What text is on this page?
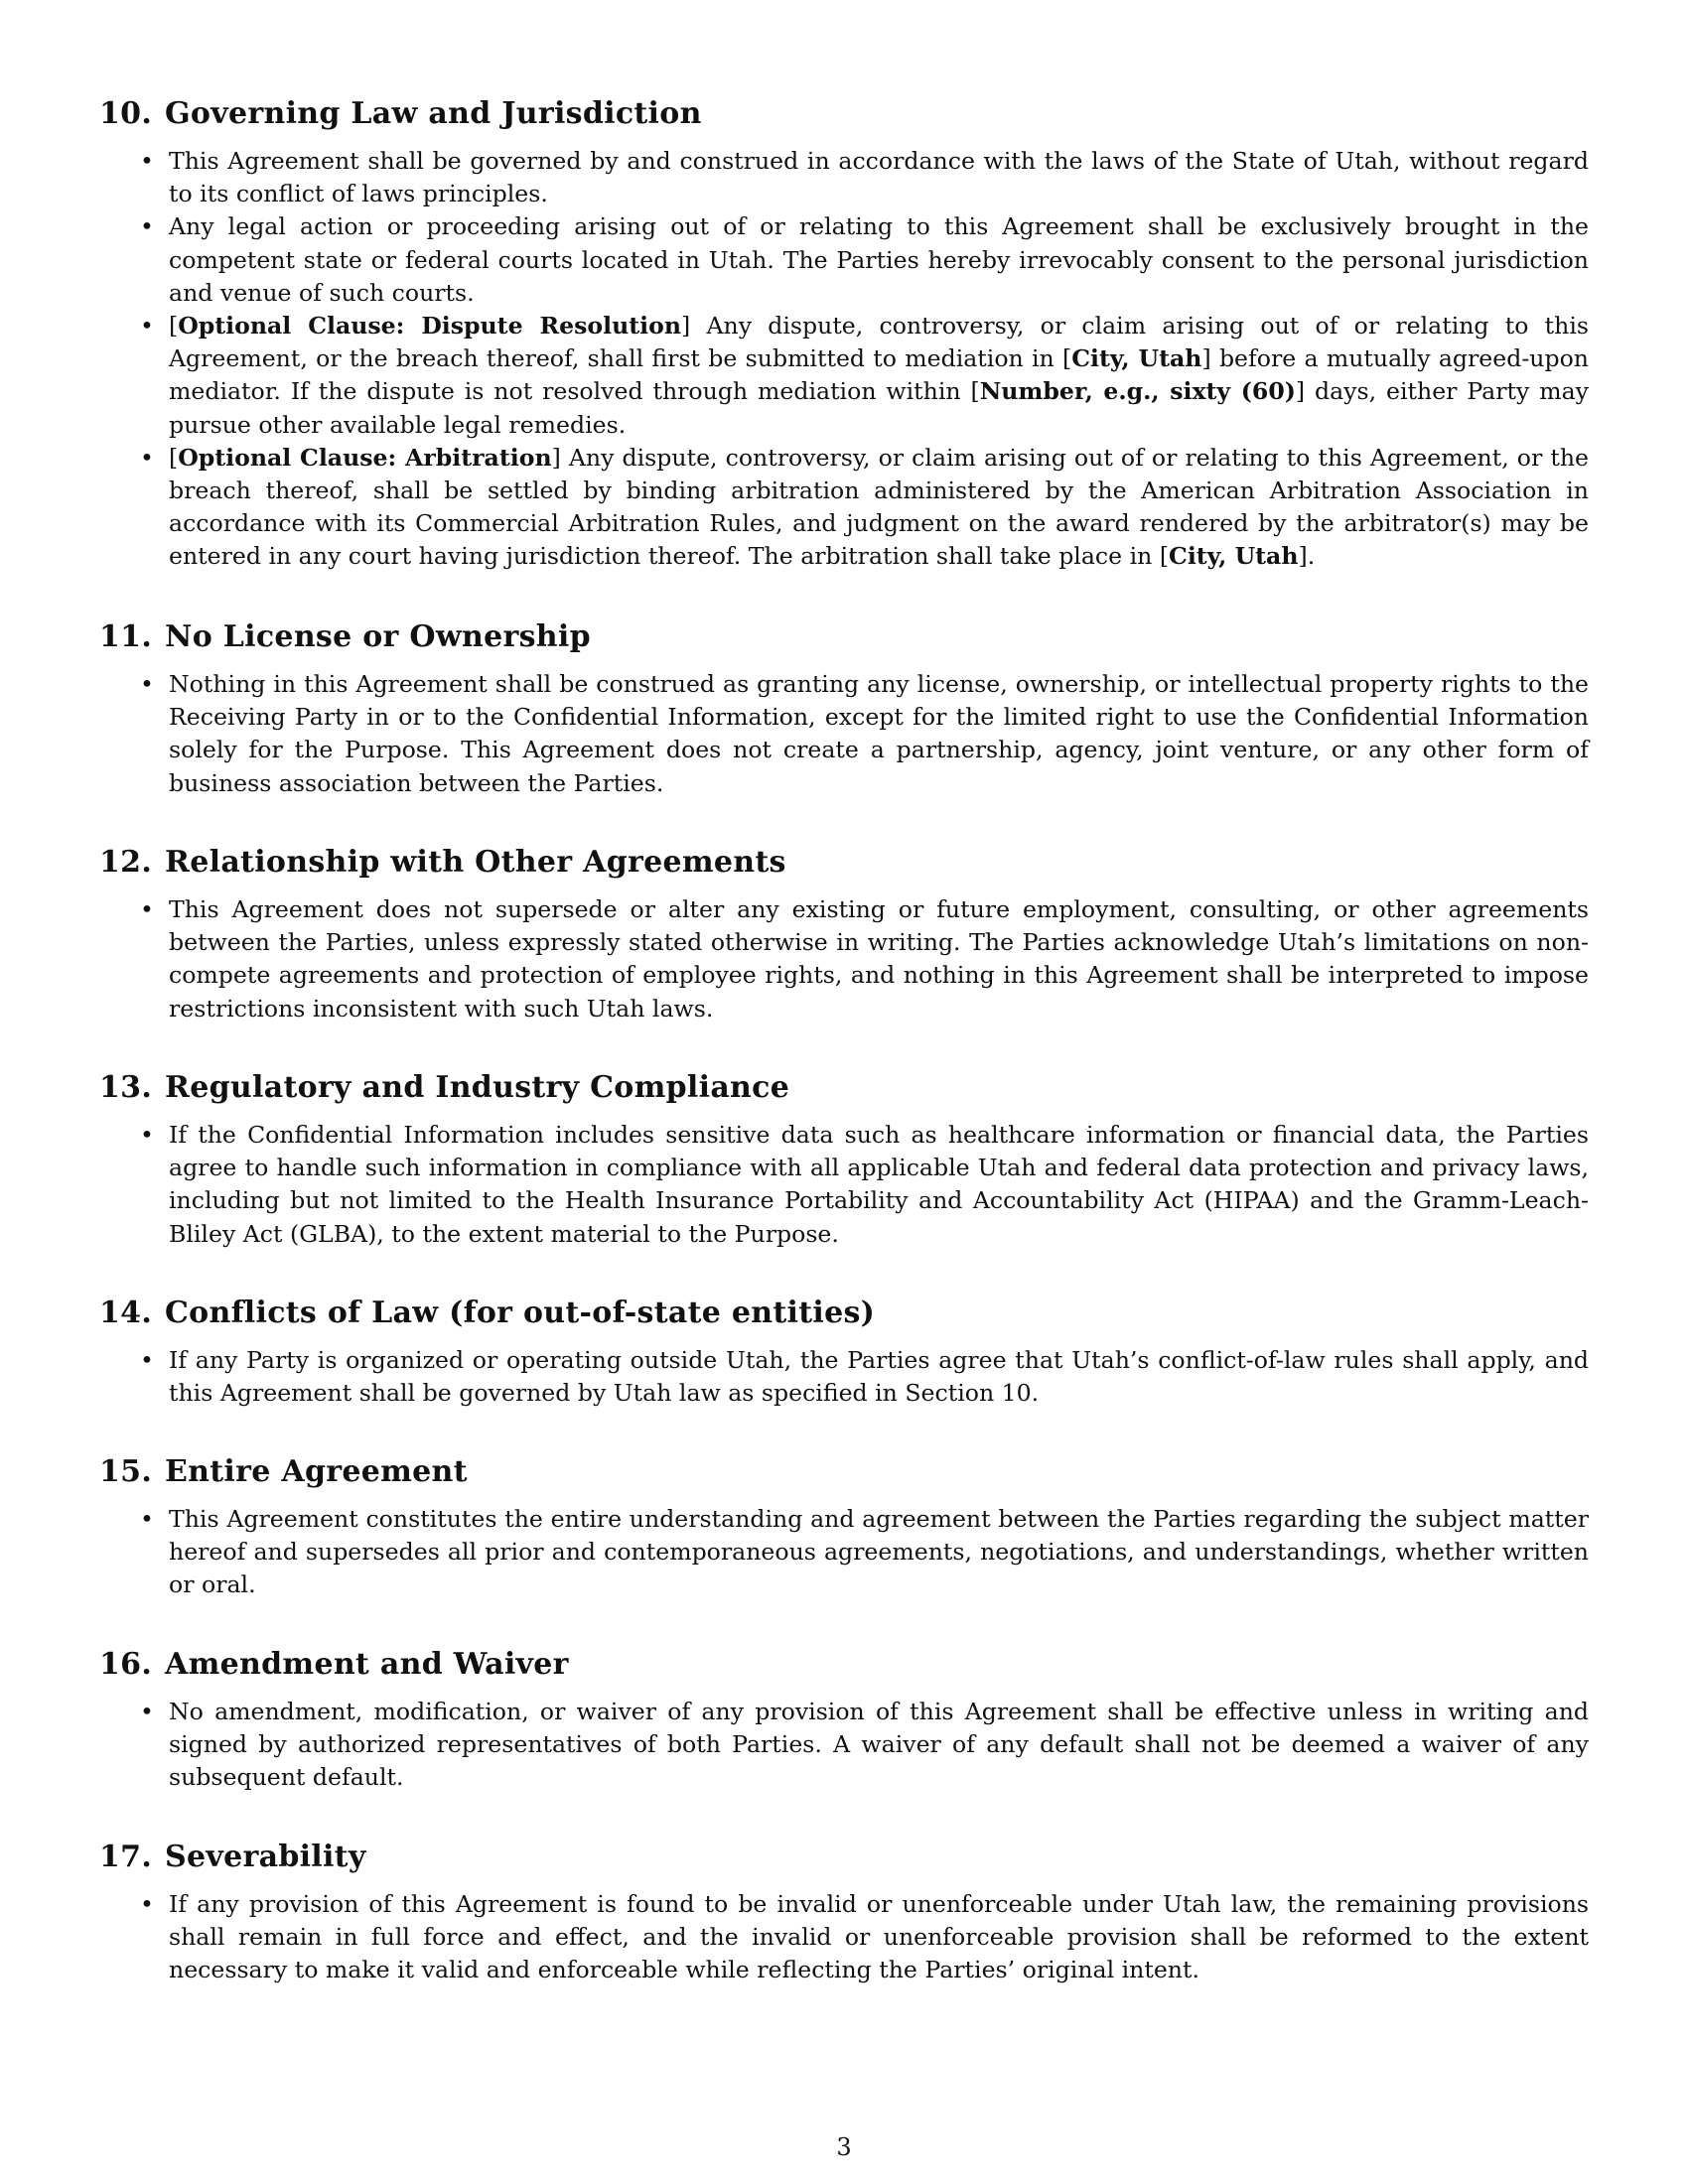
10. Governing Law and Jurisdiction
• This Agreement shall be governed by and construed in accordance with the laws of the State of Utah, without regard to its conflict of laws principles.
• Any legal action or proceeding arising out of or relating to this Agreement shall be exclusively brought in the competent state or federal courts located in Utah. The Parties hereby irrevocably consent to the personal jurisdiction and venue of such courts.
• [Optional Clause: Dispute Resolution] Any dispute, controversy, or claim arising out of or relating to this Agreement, or the breach thereof, shall first be submitted to mediation in [City, Utah] before a mutually agreed-upon mediator. If the dispute is not resolved through mediation within [Number, e.g., sixty (60)] days, either Party may pursue other available legal remedies.
• [Optional Clause: Arbitration] Any dispute, controversy, or claim arising out of or relating to this Agreement, or the breach thereof, shall be settled by binding arbitration administered by the American Arbitration Association in accordance with its Commercial Arbitration Rules, and judgment on the award rendered by the arbitrator(s) may be entered in any court having jurisdiction thereof. The arbitration shall take place in [City, Utah].
11. No License or Ownership
• Nothing in this Agreement shall be construed as granting any license, ownership, or intellectual property rights to the Receiving Party in or to the Confidential Information, except for the limited right to use the Confidential Information solely for the Purpose. This Agreement does not create a partnership, agency, joint venture, or any other form of business association between the Parties.
12. Relationship with Other Agreements
• This Agreement does not supersede or alter any existing or future employment, consulting, or other agreements between the Parties, unless expressly stated otherwise in writing. The Parties acknowledge Utah’s limitations on non-compete agreements and protection of employee rights, and nothing in this Agreement shall be interpreted to impose restrictions inconsistent with such Utah laws.
13. Regulatory and Industry Compliance
• If the Confidential Information includes sensitive data such as healthcare information or financial data, the Parties agree to handle such information in compliance with all applicable Utah and federal data protection and privacy laws, including but not limited to the Health Insurance Portability and Accountability Act (HIPAA) and the Gramm-Leach-Bliley Act (GLBA), to the extent material to the Purpose.
14. Conflicts of Law (for out-of-state entities)
• If any Party is organized or operating outside Utah, the Parties agree that Utah’s conflict-of-law rules shall apply, and this Agreement shall be governed by Utah law as specified in Section 10.
15. Entire Agreement
• This Agreement constitutes the entire understanding and agreement between the Parties regarding the subject matter hereof and supersedes all prior and contemporaneous agreements, negotiations, and understandings, whether written or oral.
16. Amendment and Waiver
• No amendment, modification, or waiver of any provision of this Agreement shall be effective unless in writing and signed by authorized representatives of both Parties. A waiver of any default shall not be deemed a waiver of any subsequent default.
17. Severability
• If any provision of this Agreement is found to be invalid or unenforceable under Utah law, the remaining provisions shall remain in full force and effect, and the invalid or unenforceable provision shall be reformed to the extent necessary to make it valid and enforceable while reflecting the Parties’ original intent.
3
